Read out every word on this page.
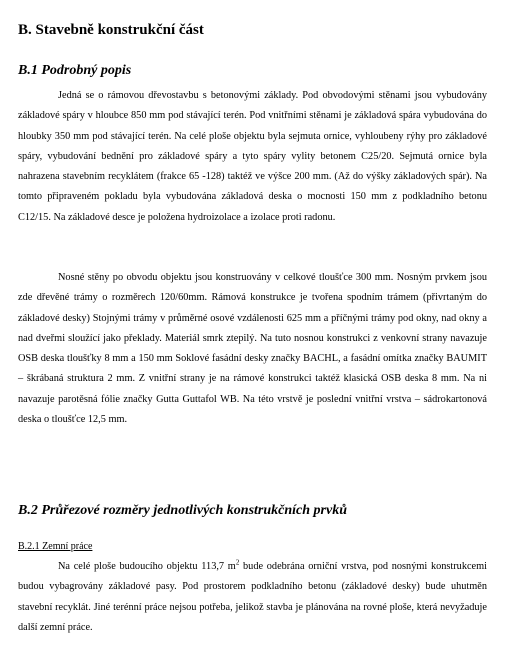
B. Stavebně konstrukční část
B.1 Podrobný popis

Jedná se o rámovou dřevostavbu s betonovými základy. Pod obvodovými stěnami jsou vybudovány základové spáry v hloubce 850 mm pod stávající terén. Pod vnitřními stěnami je základová spára vybudována do hloubky 350 mm pod stávající terén. Na celé ploše objektu byla sejmuta ornice, vyhloubeny rýhy pro základové spáry, vybudování bednění pro základové spáry a tyto spáry vylity betonem C25/20. Sejmutá ornice byla nahrazena stavebním recyklátem (frakce 65 -128) taktéž ve výšce 200 mm. (Až do výšky základových spár). Na tomto připraveném pokladu byla vybudována základová deska o mocnosti 150 mm z podkladního betonu C12/15. Na základové desce je položena hydroizolace a izolace proti radonu.

Nosné stěny po obvodu objektu jsou konstruovány v celkové tloušťce 300 mm. Nosným prvkem jsou zde dřevěné trámy o rozměrech 120/60mm. Rámová konstrukce je tvořena spodním trámem (přivrtaným do základové desky) Stojnými trámy v průměrné osové vzdálenosti 625 mm a příčnými trámy pod okny, nad okny a nad dveřmi sloužící jako překlady. Materiál smrk ztepilý. Na tuto nosnou konstrukci z venkovní strany navazuje OSB deska tloušťky 8 mm a 150 mm Soklové fasádní desky značky BACHL, a fasádní omítka značky BAUMIT – škrábaná struktura 2 mm. Z vnitřní strany je na rámové konstrukci taktéž klasická OSB deska 8 mm. Na ni navazuje parotěsná fólie značky Gutta Guttafol WB. Na této vrstvě je poslední vnitřní vrstva – sádrokartonová deska o tloušťce 12,5 mm.

B.2 Průřezové rozměry jednotlivých konstrukčních prvků
B.2.1 Zemní práce

Na celé ploše budoucího objektu 113,7 $m^2$ bude odebrána orniční vrstva, pod nosnými konstrukcemi budou vybagrovány základové pasy. Pod prostorem podkladního betonu (základové desky) bude uhutměn stavební recyklát. Jiné terénní práce nejsou potřeba, jelikož stavba je plánována na rovné ploše, která nevyžaduje další zemní práce.
